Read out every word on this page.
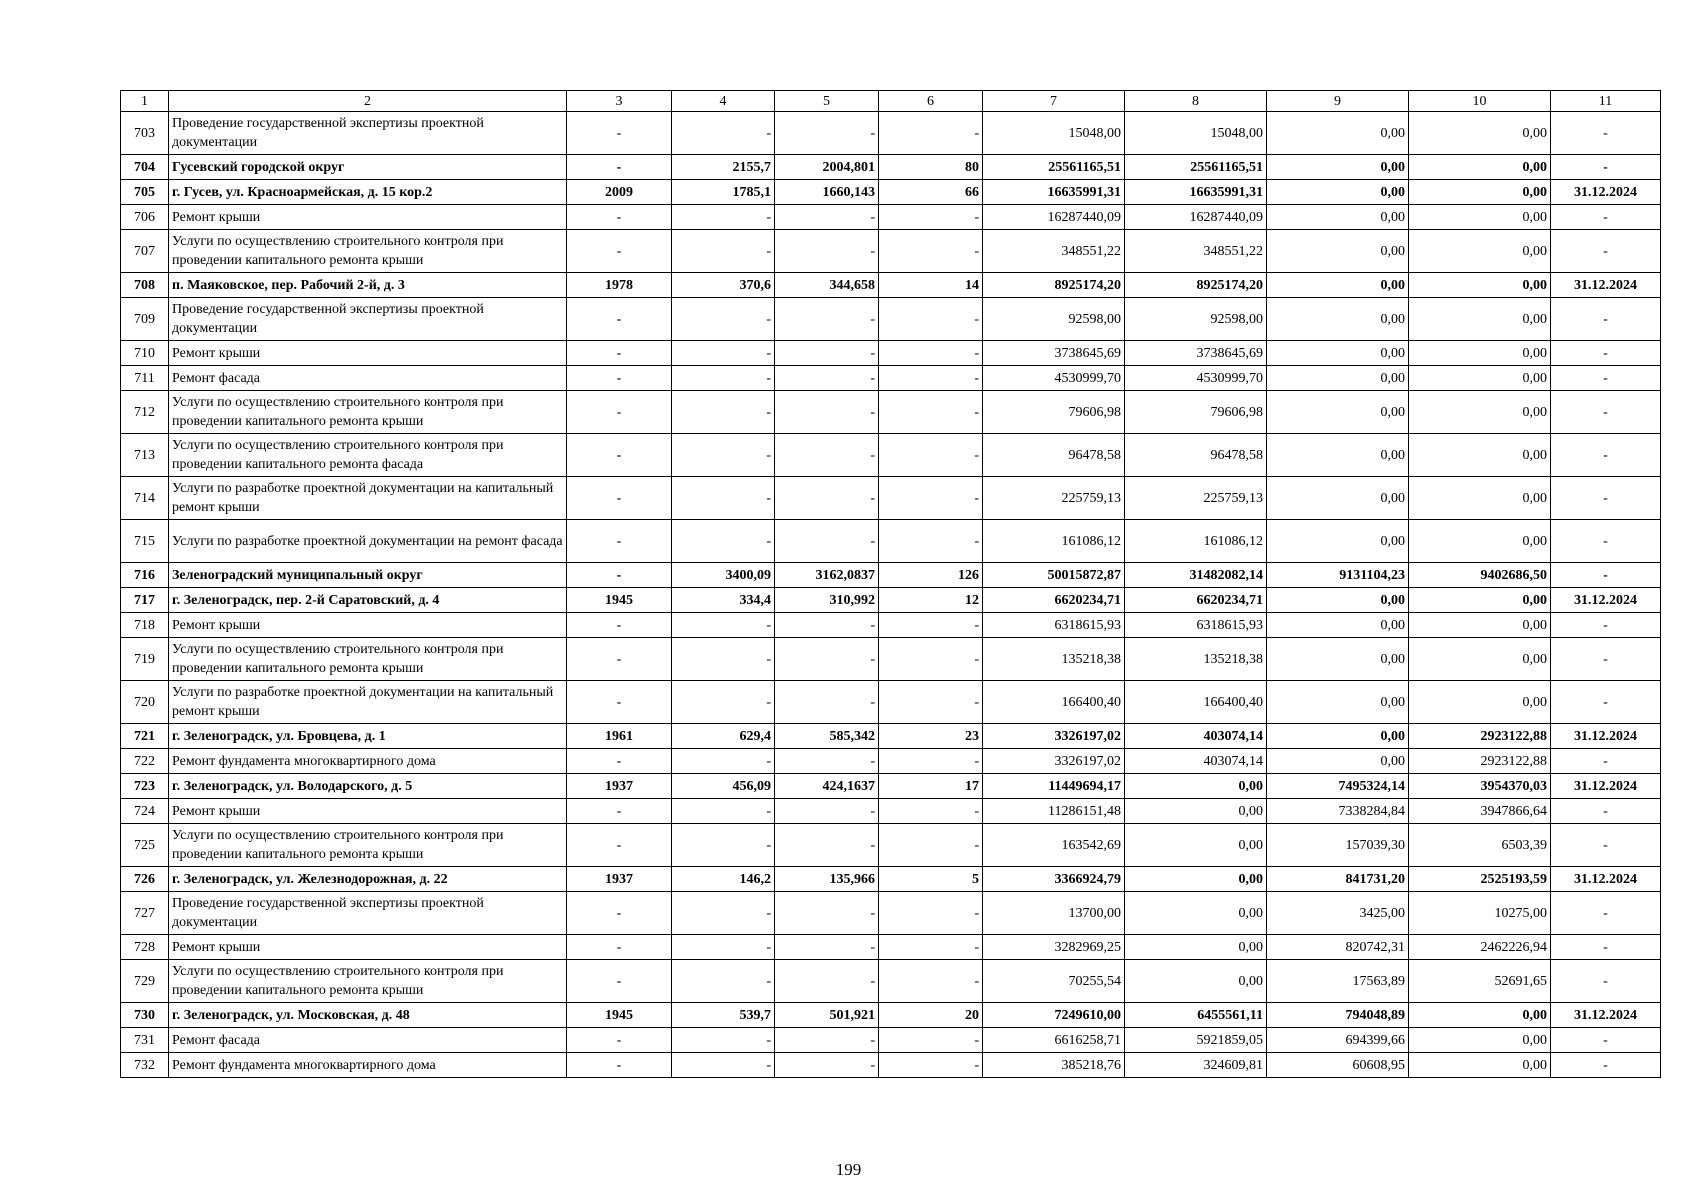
1	2	3	4	5	6	7	8	9	10	11
703	Проведение государственной экспертизы проектной документации	-	-	-	-	15048,00	15048,00	0,00	0,00	-
704	Гусевский городской округ	-	2155,7	2004,801	80	25561165,51	25561165,51	0,00	0,00	-
705	г. Гусев, ул. Красноармейская, д. 15 кор.2	2009	1785,1	1660,143	66	16635991,31	16635991,31	0,00	0,00	31.12.2024
706	Ремонт крыши	-	-	-	-	16287440,09	16287440,09	0,00	0,00	-
707	Услуги по осуществлению строительного контроля при проведении капитального ремонта крыши	-	-	-	-	348551,22	348551,22	0,00	0,00	-
708	п. Маяковское, пер. Рабочий 2-й, д. 3	1978	370,6	344,658	14	8925174,20	8925174,20	0,00	0,00	31.12.2024
709	Проведение государственной экспертизы проектной документации	-	-	-	-	92598,00	92598,00	0,00	0,00	-
710	Ремонт крыши	-	-	-	-	3738645,69	3738645,69	0,00	0,00	-
711	Ремонт фасада	-	-	-	-	4530999,70	4530999,70	0,00	0,00	-
712	Услуги по осуществлению строительного контроля при проведении капитального ремонта крыши	-	-	-	-	79606,98	79606,98	0,00	0,00	-
713	Услуги по осуществлению строительного контроля при проведении капитального ремонта фасада	-	-	-	-	96478,58	96478,58	0,00	0,00	-
714	Услуги по разработке проектной документации на капитальный ремонт крыши	-	-	-	-	225759,13	225759,13	0,00	0,00	-
715	Услуги по разработке проектной документации на ремонт фасада	-	-	-	-	161086,12	161086,12	0,00	0,00	-
716	Зеленоградский муниципальный округ	-	3400,09	3162,0837	126	50015872,87	31482082,14	9131104,23	9402686,50	-
717	г. Зеленоградск, пер. 2-й Саратовский, д. 4	1945	334,4	310,992	12	6620234,71	6620234,71	0,00	0,00	31.12.2024
718	Ремонт крыши	-	-	-	-	6318615,93	6318615,93	0,00	0,00	-
719	Услуги по осуществлению строительного контроля при проведении капитального ремонта крыши	-	-	-	-	135218,38	135218,38	0,00	0,00	-
720	Услуги по разработке проектной документации на капитальный ремонт крыши	-	-	-	-	166400,40	166400,40	0,00	0,00	-
721	г. Зеленоградск, ул. Бровцева, д. 1	1961	629,4	585,342	23	3326197,02	403074,14	0,00	2923122,88	31.12.2024
722	Ремонт фундамента многоквартирного дома	-	-	-	-	3326197,02	403074,14	0,00	2923122,88	-
723	г. Зеленоградск, ул. Володарского, д. 5	1937	456,09	424,1637	17	11449694,17	0,00	7495324,14	3954370,03	31.12.2024
724	Ремонт крыши	-	-	-	-	11286151,48	0,00	7338284,84	3947866,64	-
725	Услуги по осуществлению строительного контроля при проведении капитального ремонта крыши	-	-	-	-	163542,69	0,00	157039,30	6503,39	-
726	г. Зеленоградск, ул. Железнодорожная, д. 22	1937	146,2	135,966	5	3366924,79	0,00	841731,20	2525193,59	31.12.2024
727	Проведение государственной экспертизы проектной документации	-	-	-	-	13700,00	0,00	3425,00	10275,00	-
728	Ремонт крыши	-	-	-	-	3282969,25	0,00	820742,31	2462226,94	-
729	Услуги по осуществлению строительного контроля при проведении капитального ремонта крыши	-	-	-	-	70255,54	0,00	17563,89	52691,65	-
730	г. Зеленоградск, ул. Московская, д. 48	1945	539,7	501,921	20	7249610,00	6455561,11	794048,89	0,00	31.12.2024
731	Ремонт фасада	-	-	-	-	6616258,71	5921859,05	694399,66	0,00	-
732	Ремонт фундамента многоквартирного дома	-	-	-	-	385218,76	324609,81	60608,95	0,00	-
199
